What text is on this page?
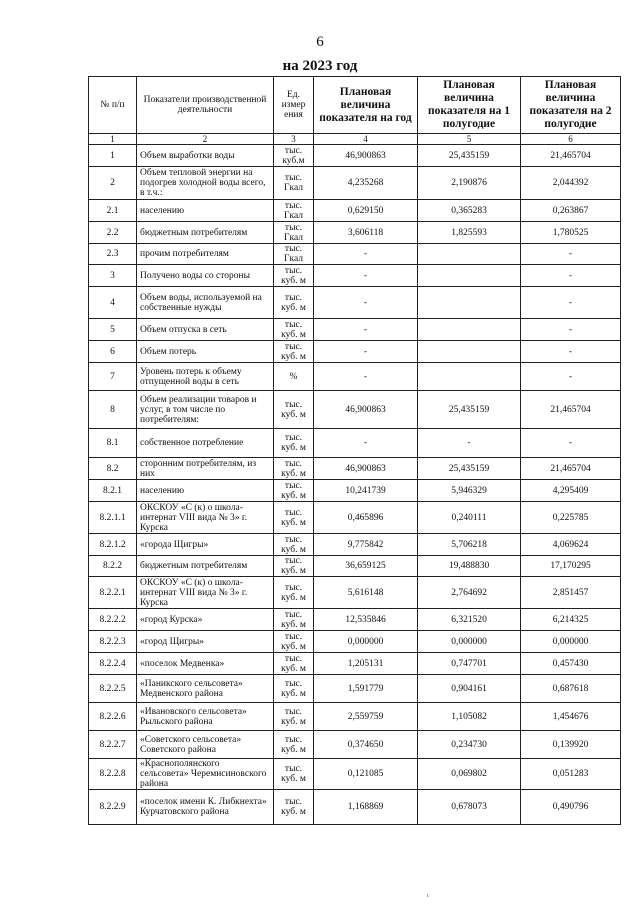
6
на 2023 год
№ п/п	Показатели производственной деятельности	Ед. измер ения	Плановая величина показателя на год	Плановая величина показателя на 1 полугодие	Плановая величина показателя на 2 полугодие
1	2	3	4	5	6
1	Объем выработки воды	тыс. куб.м	46,900863	25,435159	21,465704
2	Объем тепловой энергии на подогрев холодной воды всего, в т.ч.:	тыс. Гкал	4,235268	2,190876	2,044392
2.1	населению	тыс. Гкал	0,629150	0,365283	0,263867
2.2	бюджетным потребителям	тыс. Гкал	3,606118	1,825593	1,780525
2.3	прочим потребителям	тыс. Гкал	-		-
3	Получено воды со стороны	тыс. куб. м	-		-
4	Объем воды, используемой на собственные нужды	тыс. куб. м	-		-
5	Объем отпуска в сеть	тыс. куб. м	-		-
6	Объем потерь	тыс. куб. м	-		-
7	Уровень потерь к объему отпущенной воды в сеть	%	-		-
8	Объем реализации товаров и услуг, в том числе по потребителям:	тыс. куб. м	46,900863	25,435159	21,465704
8.1	собственное потребление	тыс. куб. м	-	-	-
8.2	сторонним потребителям, из них	тыс. куб. м	46,900863	25,435159	21,465704
8.2.1	населению	тыс. куб. м	10,241739	5,946329	4,295409
8.2.1.1	ОКСКОУ «С (к) о школа-интернат VIII вида № 3» г. Курска	тыс. куб. м	0,465896	0,240111	0,225785
8.2.1.2	«города Щигры»	тыс. куб. м	9,775842	5,706218	4,069624
8.2.2	бюджетным потребителям	тыс. куб. м	36,659125	19,488830	17,170295
8.2.2.1	ОКСКОУ «С (к) о школа-интернат VIII вида № 3» г. Курска	тыс. куб. м	5,616148	2,764692	2,851457
8.2.2.2	«город Курска»	тыс. куб. м	12,535846	6,321520	6,214325
8.2.2.3	«город Щигры»	тыс. куб. м	0,000000	0,000000	0,000000
8.2.2.4	«поселок Медвенка»	тыс. куб. м	1,205131	0,747701	0,457430
8.2.2.5	«Паникского сельсовета» Медвенского района	тыс. куб. м	1,591779	0,904161	0,687618
8.2.2.6	«Ивановского сельсовета» Рыльского района	тыс. куб. м	2,559759	1,105082	1,454676
8.2.2.7	«Советского сельсовета» Советского района	тыс. куб. м	0,374650	0,234730	0,139920
8.2.2.8	«Краснополянского сельсовета» Черемисиновского района	тыс. куб. м	0,121085	0,069802	0,051283
8.2.2.9	«поселок имени К. Либкнехта» Курчатовского района	тыс. куб. м	1,168869	0,678073	0,490796
ı
